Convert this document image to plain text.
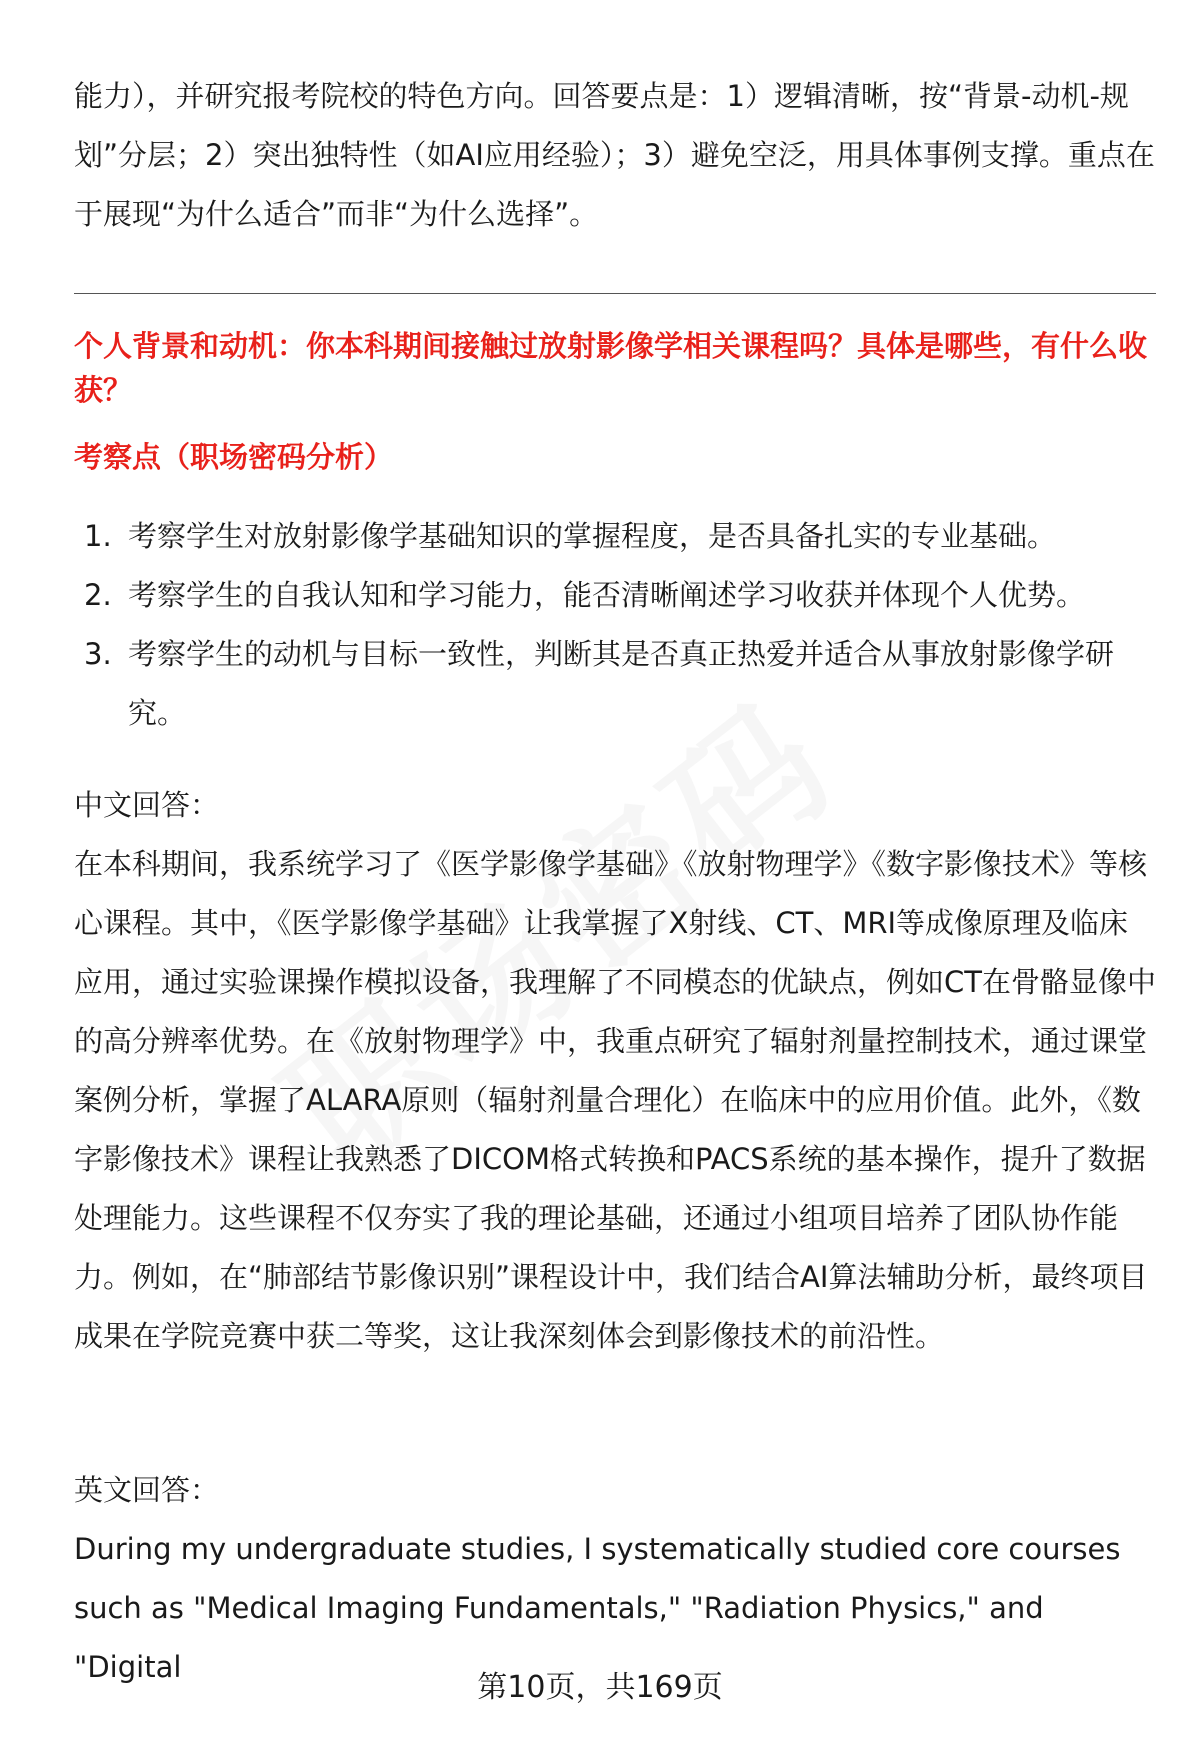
能力），并研究报考院校的特色方向。回答要点是：1）逻辑清晰，按“背景-动机-规划”分层；2）突出独特性（如AI应用经验）；3）避免空泛，用具体事例支撑。重点在于展现“为什么适合”而非“为什么选择”。

个人背景和动机：你本科期间接触过放射影像学相关课程吗？具体是哪些，有什么收获？

考察点（职场密码分析）

1. 考察学生对放射影像学基础知识的掌握程度，是否具备扎实的专业基础。
2. 考察学生的自我认知和学习能力，能否清晰阐述学习收获并体现个人优势。
3. 考察学生的动机与目标一致性，判断其是否真正热爱并适合从事放射影像学研究。

中文回答：

在本科期间，我系统学习了《医学影像学基础》《放射物理学》《数字影像技术》等核心课程。其中，《医学影像学基础》让我掌握了X射线、CT、MRI等成像原理及临床应用，通过实验课操作模拟设备，我理解了不同模态的优缺点，例如CT在骨骼显像中的高分辨率优势。在《放射物理学》中，我重点研究了辐射剂量控制技术，通过课堂案例分析，掌握了ALARA原则（辐射剂量合理化）在临床中的应用价值。此外，《数字影像技术》课程让我熟悉了DICOM格式转换和PACS系统的基本操作，提升了数据处理能力。这些课程不仅夯实了我的理论基础，还通过小组项目培养了团队协作能力。例如，在“肺部结节影像识别”课程设计中，我们结合AI算法辅助分析，最终项目成果在学院竞赛中获二等奖，这让我深刻体会到影像技术的前沿性。

英文回答：

During my undergraduate studies, I systematically studied core courses such as "Medical Imaging Fundamentals," "Radiation Physics," and "Digital

第10页，共169页
